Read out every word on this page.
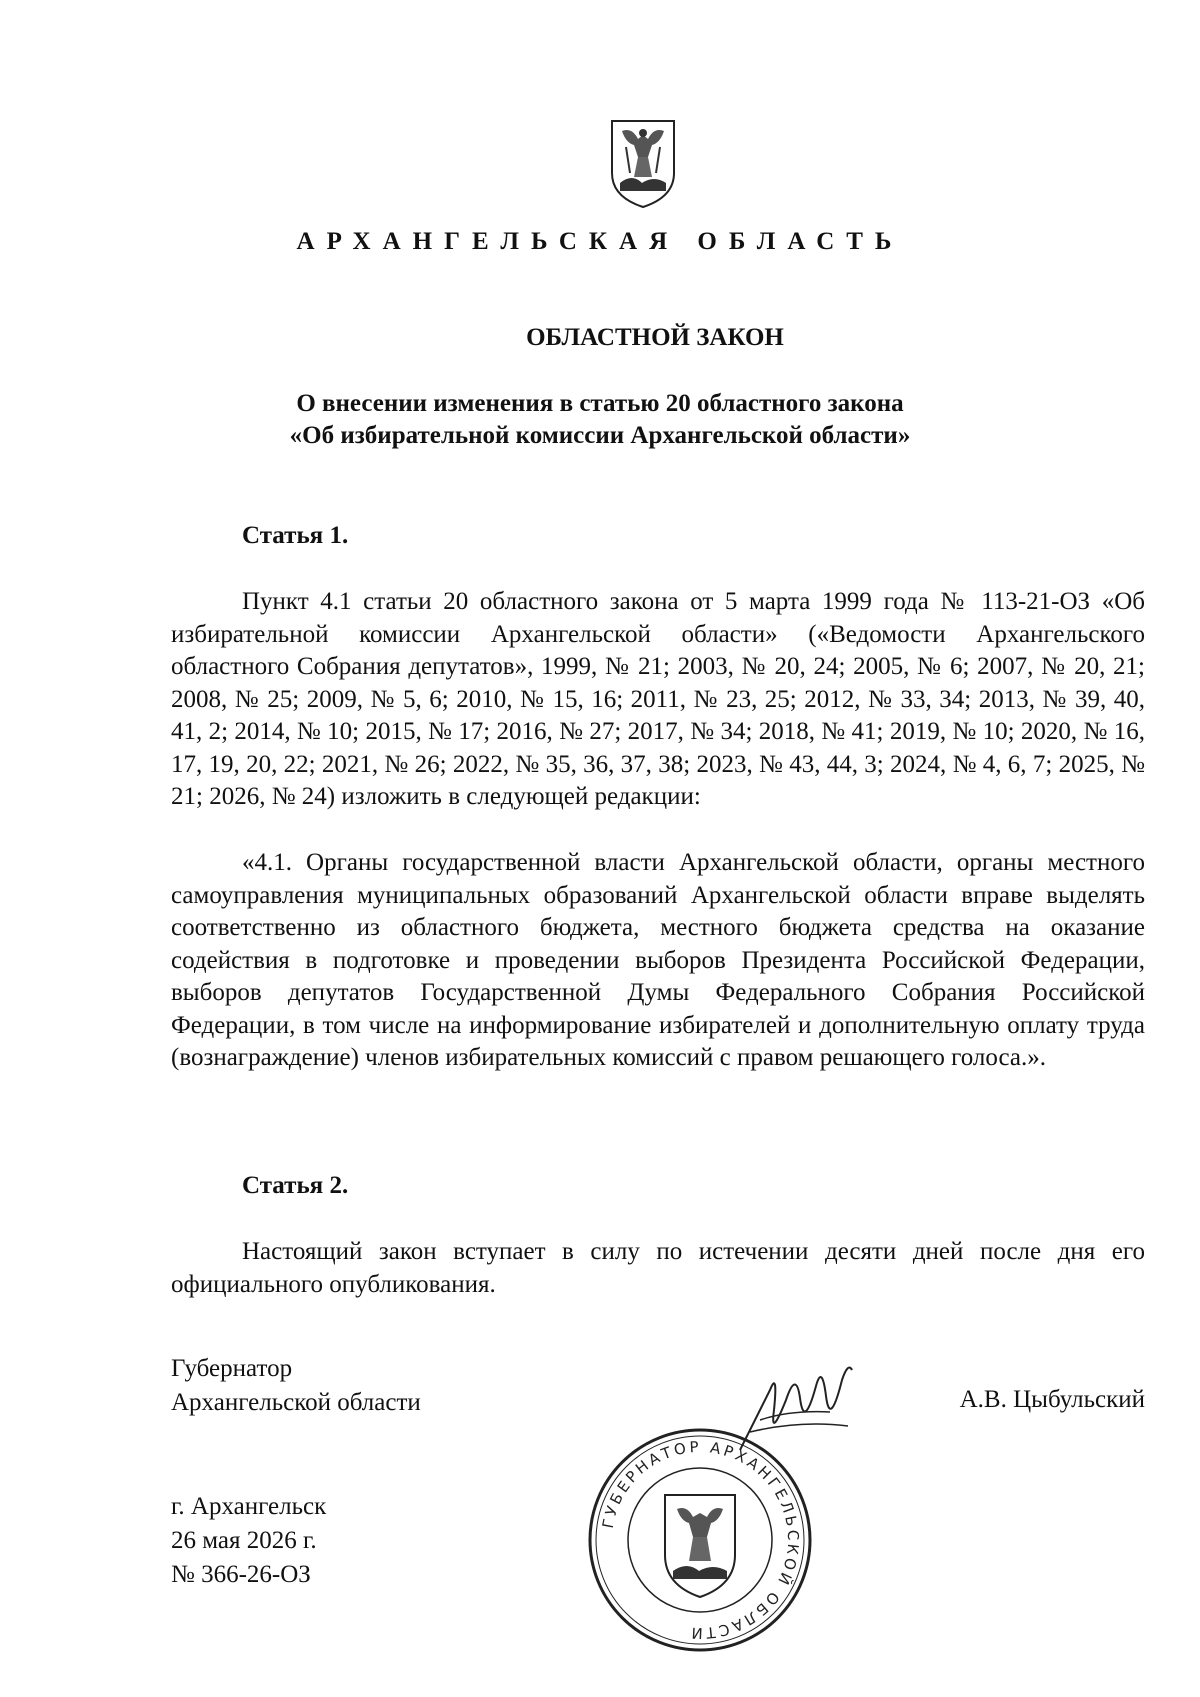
АРХАНГЕЛЬСКАЯ ОБЛАСТЬ
ОБЛАСТНОЙ ЗАКОН
О внесении изменения в статью 20 областного закона
«Об избирательной комиссии Архангельской области»
Статья 1.

Пункт 4.1 статьи 20 областного закона от 5 марта 1999 года № 113-21-ОЗ «Об избирательной комиссии Архангельской области» («Ведомости Архангельского областного Собрания депутатов», 1999, № 21; 2003, № 20, 24; 2005, № 6; 2007, № 20, 21; 2008, № 25; 2009, № 5, 6; 2010, № 15, 16; 2011, № 23, 25; 2012, № 33, 34; 2013, № 39, 40, 41, 2; 2014, № 10; 2015, № 17; 2016, № 27; 2017, № 34; 2018, № 41; 2019, № 10; 2020, № 16, 17, 19, 20, 22; 2021, № 26; 2022, № 35, 36, 37, 38; 2023, № 43, 44, 3; 2024, № 4, 6, 7; 2025, № 21; 2026, № 24) изложить в следующей редакции:

«4.1. Органы государственной власти Архангельской области, органы местного самоуправления муниципальных образований Архангельской области вправе выделять соответственно из областного бюджета, местного бюджета средства на оказание содействия в подготовке и проведении выборов Президента Российской Федерации, выборов депутатов Государственной Думы Федерального Собрания Российской Федерации, в том числе на информирование избирателей и дополнительную оплату труда (вознаграждение) членов избирательных комиссий с правом решающего голоса.».

Статья 2.

Настоящий закон вступает в силу по истечении десяти дней после дня его официального опубликования.

Губернатор
Архангельской области	А.В. Цыбульский
ГУБЕРНАТОР АРХАНГЕЛЬСКОЙ ОБЛАСТИ
г. Архангельск
26 мая 2026 г.
№ 366-26-ОЗ
